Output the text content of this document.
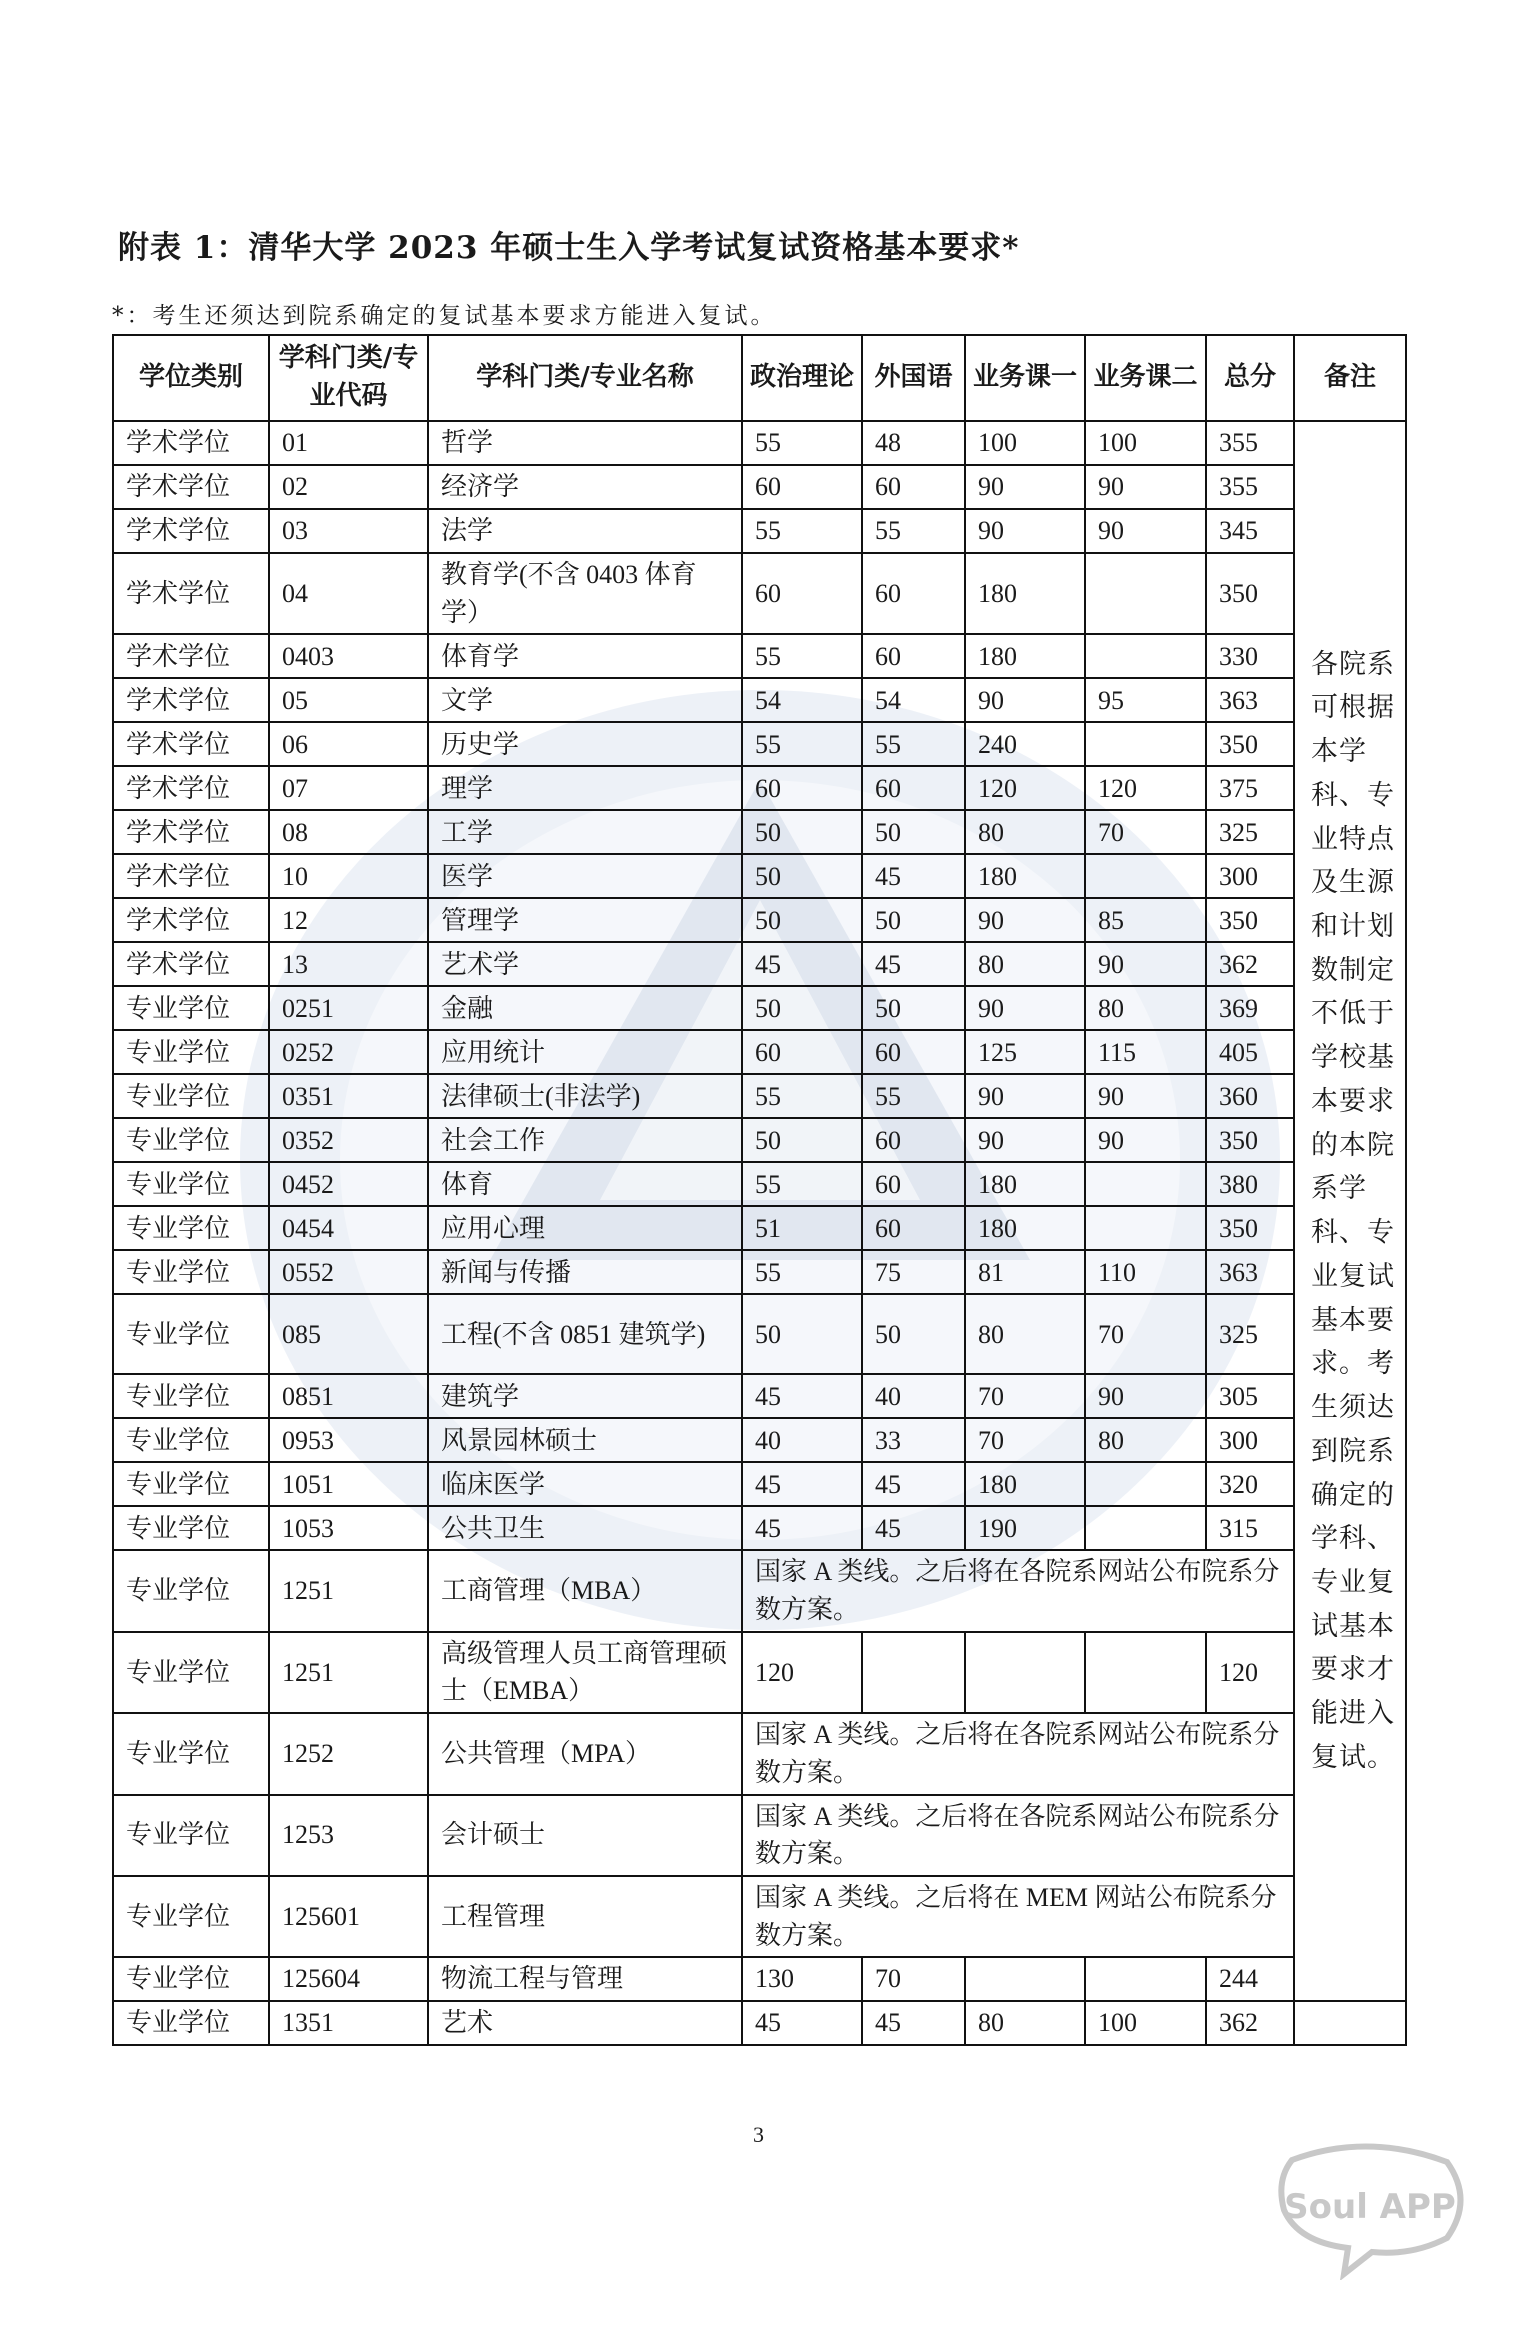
附表 1：清华大学 2023 年硕士生入学考试复试资格基本要求*
*：考生还须达到院系确定的复试基本要求方能进入复试。
学位类别	学科门类/专业代码	学科门类/专业名称	政治理论	外国语	业务课一	业务课二	总分	备注
学术学位	01	哲学	55	48	100	100	355	各院系可根据本学科、专业特点及生源和计划数制定不低于学校基本要求的本院系学科、专业复试基本要求。考生须达到院系确定的学科、专业复试基本要求才能进入复试。
学术学位	02	经济学	60	60	90	90	355	
学术学位	03	法学	55	55	90	90	345	
学术学位	04	教育学(不含 0403 体育学）	60	60	180		350	
学术学位	0403	体育学	55	60	180		330	
学术学位	05	文学	54	54	90	95	363	
学术学位	06	历史学	55	55	240		350	
学术学位	07	理学	60	60	120	120	375	
学术学位	08	工学	50	50	80	70	325	
学术学位	10	医学	50	45	180		300	
学术学位	12	管理学	50	50	90	85	350	
学术学位	13	艺术学	45	45	80	90	362	
专业学位	0251	金融	50	50	90	80	369	
专业学位	0252	应用统计	60	60	125	115	405	
专业学位	0351	法律硕士(非法学)	55	55	90	90	360	
专业学位	0352	社会工作	50	60	90	90	350	
专业学位	0452	体育	55	60	180		380	
专业学位	0454	应用心理	51	60	180		350	
专业学位	0552	新闻与传播	55	75	81	110	363	
专业学位	085	工程(不含 0851 建筑学)	50	50	80	70	325	
专业学位	0851	建筑学	45	40	70	90	305	
专业学位	0953	风景园林硕士	40	33	70	80	300	
专业学位	1051	临床医学	45	45	180		320	
专业学位	1053	公共卫生	45	45	190		315	
专业学位	1251	工商管理（MBA）	国家 A 类线。之后将在各院系网站公布院系分数方案。					
专业学位	1251	高级管理人员工商管理硕士（EMBA）	120				120	
专业学位	1252	公共管理（MPA）	国家 A 类线。之后将在各院系网站公布院系分数方案。					
专业学位	1253	会计硕士	国家 A 类线。之后将在各院系网站公布院系分数方案。					
专业学位	125601	工程管理	国家 A 类线。之后将在 MEM 网站公布院系分数方案。					
专业学位	125604	物流工程与管理	130	70			244	
专业学位	1351	艺术	45	45	80	100	362	
3
Soul APP
